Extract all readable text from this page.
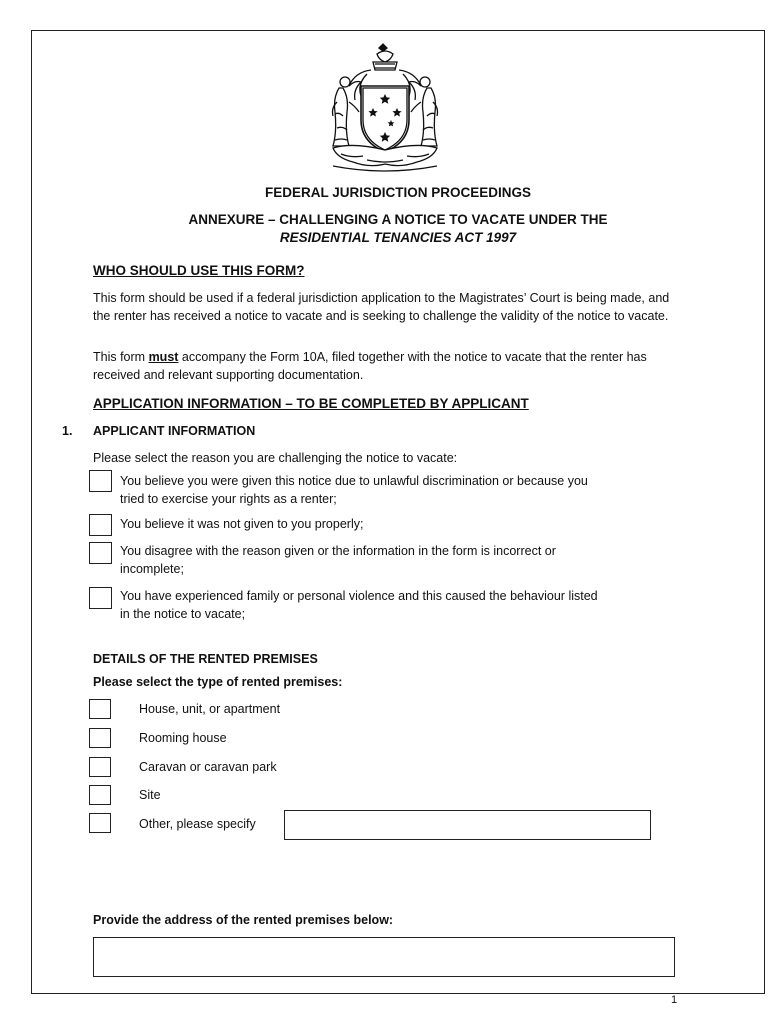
FEDERAL JURISDICTION PROCEEDINGS
ANNEXURE – CHALLENGING A NOTICE TO VACATE UNDER THE
RESIDENTIAL TENANCIES ACT 1997
WHO SHOULD USE THIS FORM?
This form should be used if a federal jurisdiction application to the Magistrates’ Court is being made, and the renter has received a notice to vacate and is seeking to challenge the validity of the notice to vacate.
This form must accompany the Form 10A, filed together with the notice to vacate that the renter has received and relevant supporting documentation.
APPLICATION INFORMATION – TO BE COMPLETED BY APPLICANT
1. APPLICANT INFORMATION
Please select the reason you are challenging the notice to vacate:
You believe you were given this notice due to unlawful discrimination or because you
tried to exercise your rights as a renter;
You believe it was not given to you properly;
You disagree with the reason given or the information in the form is incorrect or
incomplete;
You have experienced family or personal violence and this caused the behaviour listed
in the notice to vacate;
DETAILS OF THE RENTED PREMISES
Please select the type of rented premises:
House, unit, or apartment
Rooming house
Caravan or caravan park
Site
Other, please specify
Provide the address of the rented premises below:
1
